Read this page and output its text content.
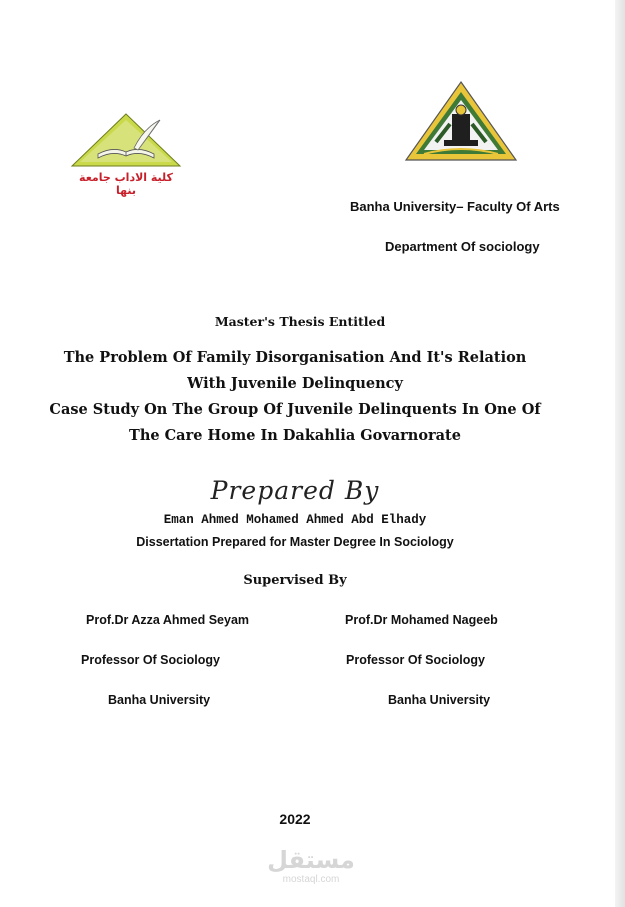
كلية الاداب جامعة بنها
Banha University– Faculty Of Arts
Department Of sociology
Master's Thesis Entitled
The Problem Of Family Disorganisation And It's Relation
With Juvenile Delinquency
Case Study On The Group Of Juvenile Delinquents In One Of
The Care Home In Dakahlia Govarnorate
Prepared By
Eman Ahmed Mohamed Ahmed Abd Elhady
Dissertation Prepared for Master Degree In Sociology
Supervised By
Prof.Dr Azza Ahmed Seyam	Prof.Dr Mohamed Nageeb
Professor Of Sociology	Professor Of Sociology
Banha University	Banha University
2022
مستقل
mostaql.com
